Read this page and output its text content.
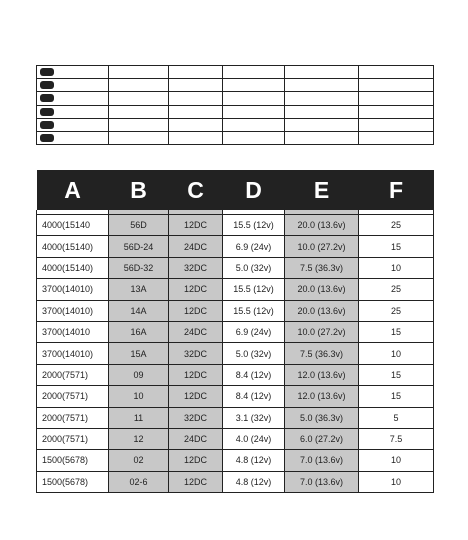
A	B	C	D	E	F

4000(15140	56D	12DC	15.5 (12v)	20.0 (13.6v)	25
4000(15140)	56D-24	24DC	6.9 (24v)	10.0 (27.2v)	15
4000(15140)	56D-32	32DC	5.0 (32v)	7.5 (36.3v)	10
3700(14010)	13A	12DC	15.5 (12v)	20.0 (13.6v)	25
3700(14010)	14A	12DC	15.5 (12v)	20.0 (13.6v)	25
3700(14010	16A	24DC	6.9 (24v)	10.0 (27.2v)	15
3700(14010)	15A	32DC	5.0 (32v)	7.5 (36.3v)	10
2000(7571)	09	12DC	8.4 (12v)	12.0 (13.6v)	15
2000(7571)	10	12DC	8.4 (12v)	12.0 (13.6v)	15
2000(7571)	11	32DC	3.1 (32v)	5.0 (36.3v)	5
2000(7571)	12	24DC	4.0 (24v)	6.0 (27.2v)	7.5
1500(5678)	02	12DC	4.8 (12v)	7.0 (13.6v)	10
1500(5678)	02-6	12DC	4.8 (12v)	7.0 (13.6v)	10
